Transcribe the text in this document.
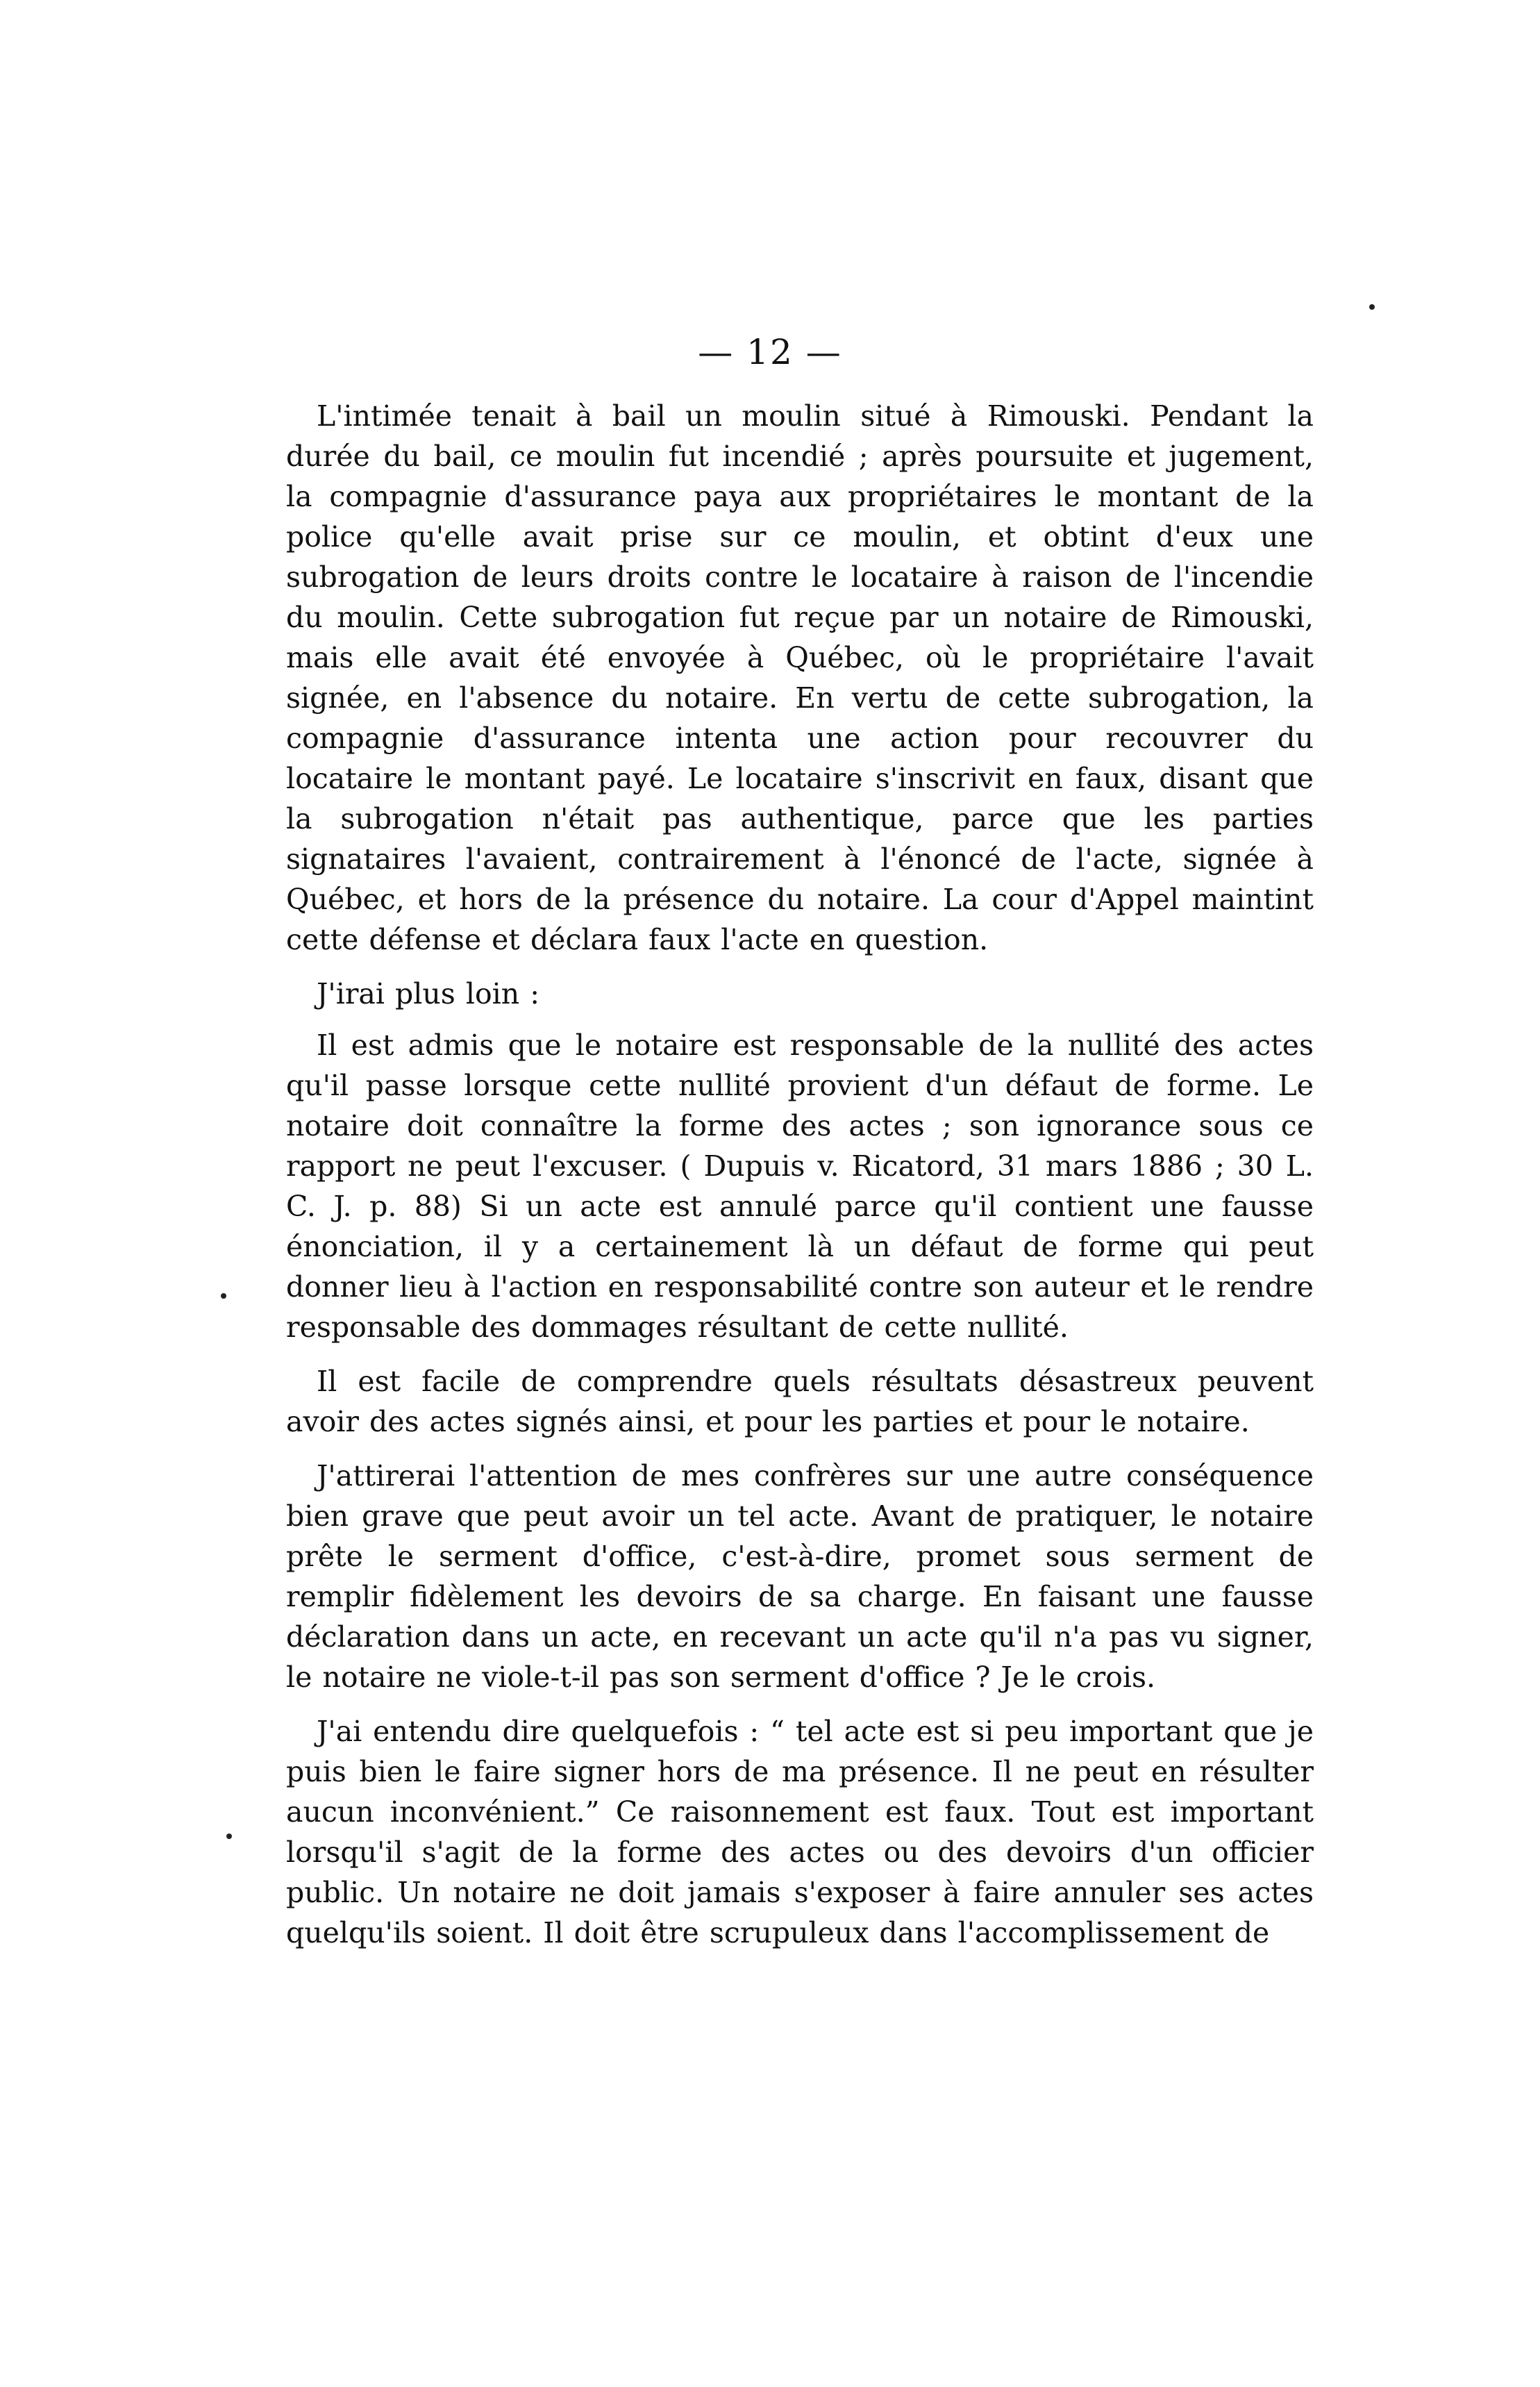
— 12 —

L'intimée tenait à bail un moulin situé à Rimouski. Pendant la durée du bail, ce moulin fut incendié ; après poursuite et jugement, la compagnie d'assurance paya aux propriétaires le montant de la police qu'elle avait prise sur ce moulin, et obtint d'eux une subrogation de leurs droits contre le locataire à raison de l'incendie du moulin. Cette subrogation fut reçue par un notaire de Rimouski, mais elle avait été envoyée à Québec, où le propriétaire l'avait signée, en l'absence du notaire. En vertu de cette subrogation, la compagnie d'assurance intenta une action pour recouvrer du locataire le montant payé. Le locataire s'inscrivit en faux, disant que la subrogation n'était pas authentique, parce que les parties signataires l'avaient, contrairement à l'énoncé de l'acte, signée à Québec, et hors de la présence du notaire. La cour d'Appel maintint cette défense et déclara faux l'acte en question.

J'irai plus loin :

Il est admis que le notaire est responsable de la nullité des actes qu'il passe lorsque cette nullité provient d'un défaut de forme. Le notaire doit connaître la forme des actes ; son ignorance sous ce rapport ne peut l'excuser. ( Dupuis v. Ricatord, 31 mars 1886 ; 30 L. C. J. p. 88) Si un acte est annulé parce qu'il contient une fausse énonciation, il y a certainement là un défaut de forme qui peut donner lieu à l'action en responsabilité contre son auteur et le rendre responsable des dommages résultant de cette nullité.

Il est facile de comprendre quels résultats désastreux peuvent avoir des actes signés ainsi, et pour les parties et pour le notaire.

J'attirerai l'attention de mes confrères sur une autre conséquence bien grave que peut avoir un tel acte. Avant de pratiquer, le notaire prête le serment d'office, c'est-à-dire, promet sous serment de remplir fidèlement les devoirs de sa charge. En faisant une fausse déclaration dans un acte, en recevant un acte qu'il n'a pas vu signer, le notaire ne viole-t-il pas son serment d'office ? Je le crois.

J'ai entendu dire quelquefois : “ tel acte est si peu important que je puis bien le faire signer hors de ma présence. Il ne peut en résulter aucun inconvénient.” Ce raisonnement est faux. Tout est important lorsqu'il s'agit de la forme des actes ou des devoirs d'un officier public. Un notaire ne doit jamais s'exposer à faire annuler ses actes quelqu'ils soient. Il doit être scrupuleux dans l'accomplissement de
